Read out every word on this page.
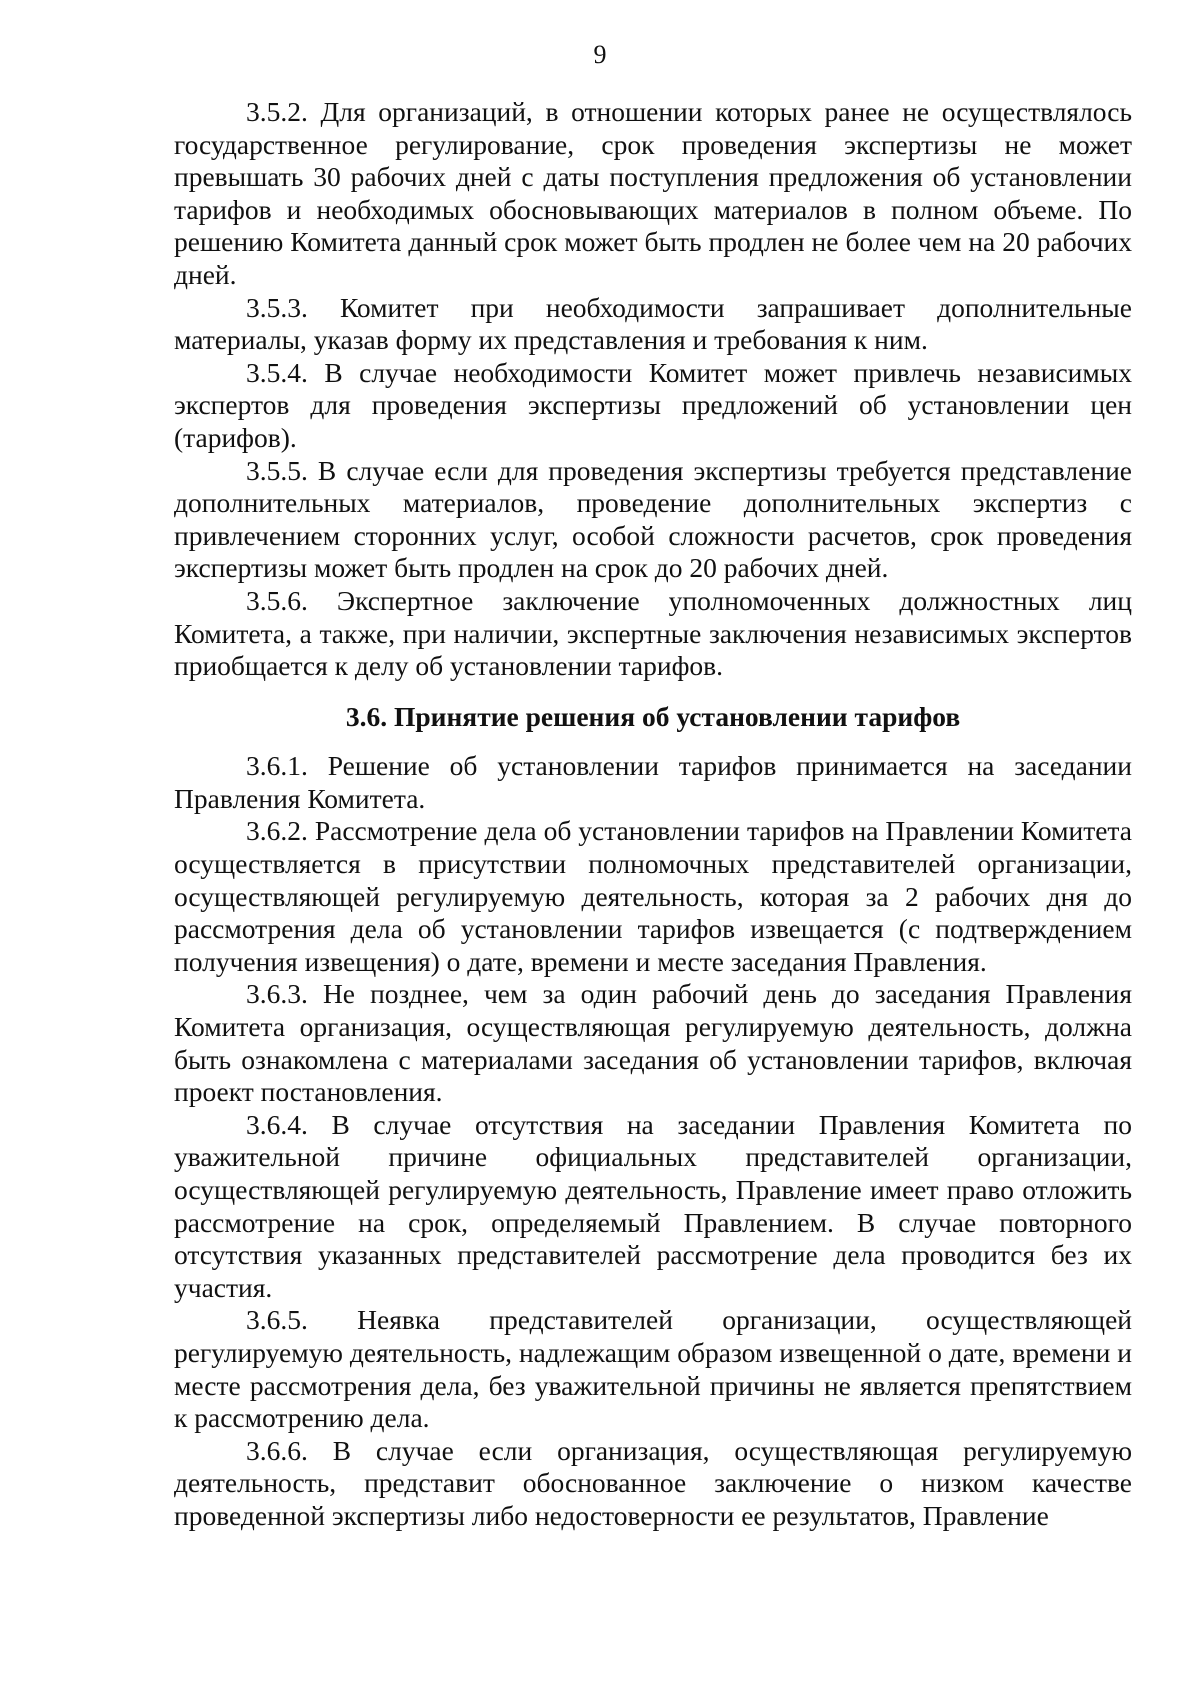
9

3.5.2. Для организаций, в отношении которых ранее не осуществлялось государственное регулирование, срок проведения экспертизы не может превышать 30 рабочих дней с даты поступления предложения об установлении тарифов и необходимых обосновывающих материалов в полном объеме. По решению Комитета данный срок может быть продлен не более чем на 20 рабочих дней.

3.5.3. Комитет при необходимости запрашивает дополнительные материалы, указав форму их представления и требования к ним.

3.5.4. В случае необходимости Комитет может привлечь независимых экспертов для проведения экспертизы предложений об установлении цен (тарифов).

3.5.5. В случае если для проведения экспертизы требуется представление дополнительных материалов, проведение дополнительных экспертиз с привлечением сторонних услуг, особой сложности расчетов, срок проведения экспертизы может быть продлен на срок до 20 рабочих дней.

3.5.6. Экспертное заключение уполномоченных должностных лиц Комитета, а также, при наличии, экспертные заключения независимых экспертов приобщается к делу об установлении тарифов.

3.6. Принятие решения об установлении тарифов

3.6.1. Решение об установлении тарифов принимается на заседании Правления Комитета.

3.6.2. Рассмотрение дела об установлении тарифов на Правлении Комитета осуществляется в присутствии полномочных представителей организации, осуществляющей регулируемую деятельность, которая за 2 рабочих дня до рассмотрения дела об установлении тарифов извещается (с подтверждением получения извещения) о дате, времени и месте заседания Правления.

3.6.3. Не позднее, чем за один рабочий день до заседания Правления Комитета организация, осуществляющая регулируемую деятельность, должна быть ознакомлена с материалами заседания об установлении тарифов, включая проект постановления.

3.6.4. В случае отсутствия на заседании Правления Комитета по уважительной причине официальных представителей организации, осуществляющей регулируемую деятельность, Правление имеет право отложить рассмотрение на срок, определяемый Правлением. В случае повторного отсутствия указанных представителей рассмотрение дела проводится без их участия.

3.6.5. Неявка представителей организации, осуществляющей регулируемую деятельность, надлежащим образом извещенной о дате, времени и месте рассмотрения дела, без уважительной причины не является препятствием к рассмотрению дела.

3.6.6. В случае если организация, осуществляющая регулируемую деятельность, представит обоснованное заключение о низком качестве проведенной экспертизы либо недостоверности ее результатов, Правление
